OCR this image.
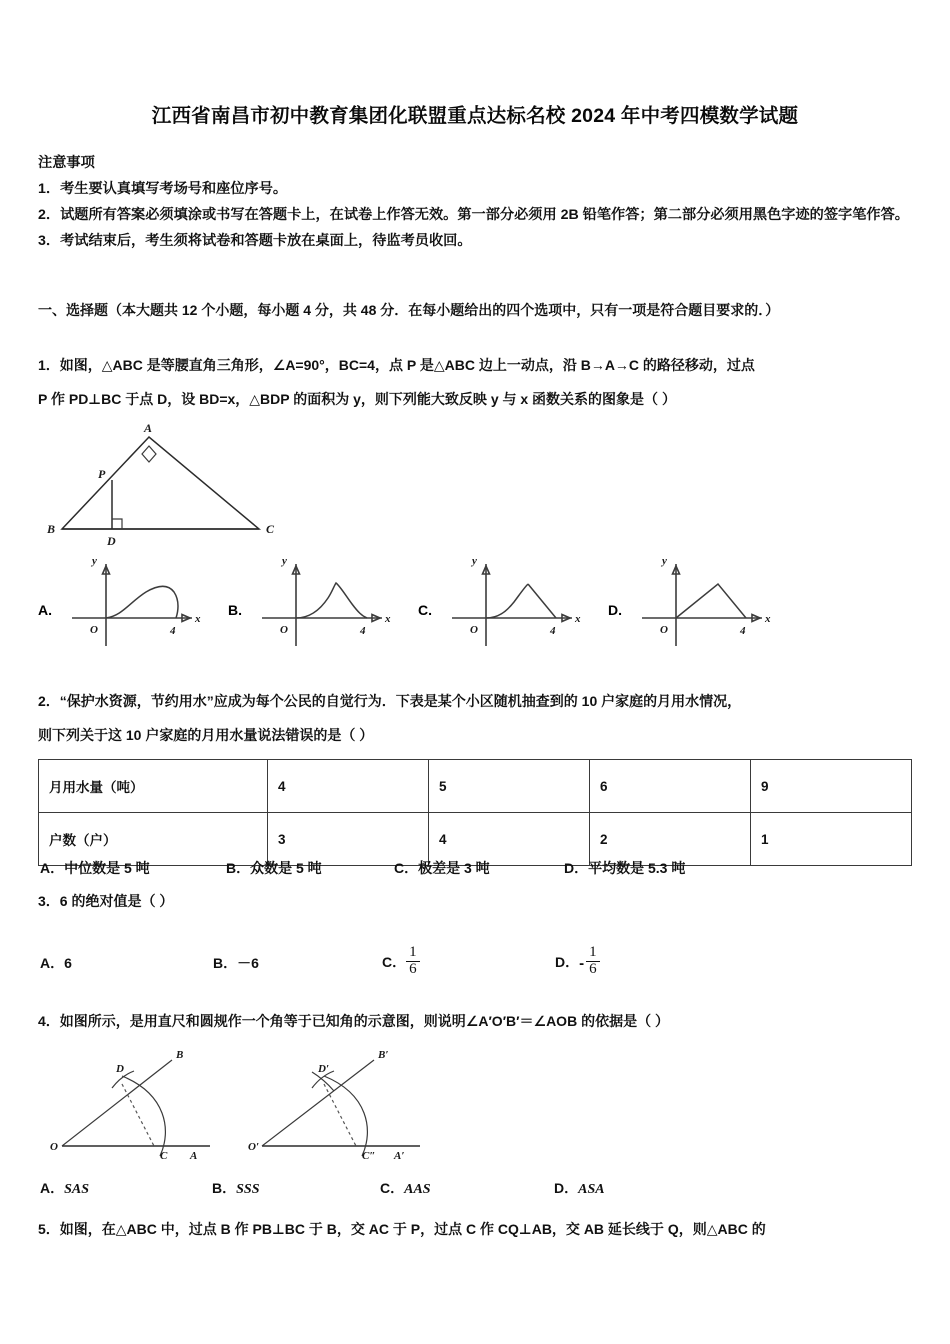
江西省南昌市初中教育集团化联盟重点达标名校 2024 年中考四模数学试题
注意事项
1．考生要认真填写考场号和座位序号。
2．试题所有答案必须填涂或书写在答题卡上，在试卷上作答无效。第一部分必须用 2B 铅笔作答；第二部分必须用黑色字迹的签字笔作答。
3．考试结束后，考生须将试卷和答题卡放在桌面上，待监考员收回。
一、选择题（本大题共 12 个小题，每小题 4 分，共 48 分．在每小题给出的四个选项中，只有一项是符合题目要求的．）
1．如图，△ABC 是等腰直角三角形，∠A=90°，BC=4，点 P 是△ABC 边上一动点，沿 B→A→C 的路径移动，过点
P 作 PD⊥BC 于点 D，设 BD=x，△BDP 的面积为 y，则下列能大致反映 y 与 x 函数关系的图象是（ ）
A
P
B
D
C
A.
y
x
O	4
B.
y
x
O	4
C.
y
x
O	4
D.
y
x
O	4
2．“保护水资源，节约用水”应成为每个公民的自觉行为．下表是某个小区随机抽查到的 10 户家庭的月用水情况，
则下列关于这 10 户家庭的月用水量说法错误的是（ ）
月用水量（吨）	4	5	6	9
户数（户）	3	4	2	1
A．中位数是 5 吨	B．众数是 5 吨	C．极差是 3 吨	D．平均数是 5.3 吨
3．6 的绝对值是（ ）
A．6	B．－6	C． $\frac{1}{6}$	D．- $\frac{1}{6}$
4．如图所示，是用直尺和圆规作一个角等于已知角的示意图，则说明∠A′O′B′＝∠AOB 的依据是（ ）
O
B
D
C A
O′
B′
D′
C″ A′
A．SAS	B．SSS	C．AAS	D．ASA
5．如图，在△ABC 中，过点 B 作 PB⊥BC 于 B，交 AC 于 P，过点 C 作 CQ⊥AB，交 AB 延长线于 Q，则△ABC 的
